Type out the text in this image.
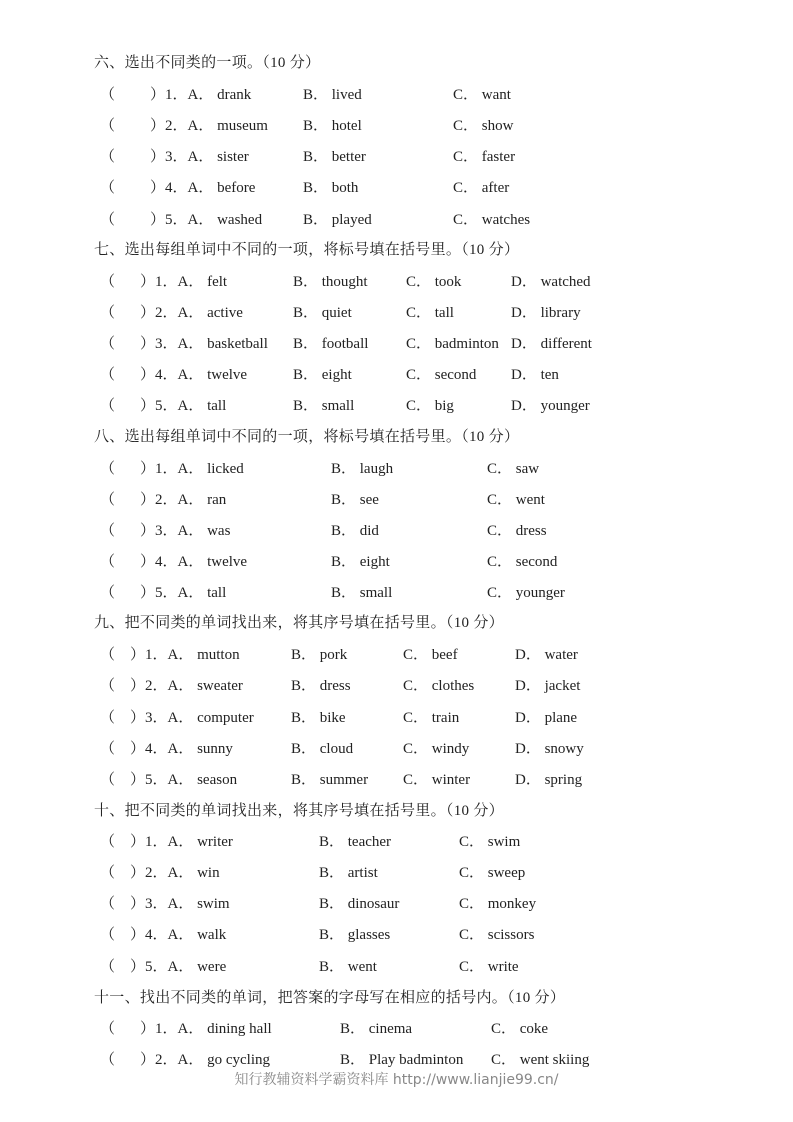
六、选出不同类的一项。（10 分）
（ ）1．A． drank	B． lived	C． want
（ ）2．A． museum B． hotel	C． show
（ ）3．A． sister	B． better	C． faster
（ ）4．A． before	B． both	C． after
（ ）5．A． washed	B． played	C． watches
七、选出每组单词中不同的一项，将标号填在括号里。（10 分）
（ ）1．A． felt	B． thought	C． took	D． watched
（ ）2．A． active	B． quiet	C． tall	D． library
（ ）3．A． basketball B． football	C． badminton D． different
（ ）4．A． twelve	B． eight	C． second D． ten
（ ）5．A． tall	B． small	C． big	D． younger
八、选出每组单词中不同的一项，将标号填在括号里。（10 分）
（ ）1．A． licked	B． laugh	C． saw
（ ）2．A． ran	B． see	C． went
（ ）3．A． was	B． did	C． dress
（ ）4．A． twelve	B． eight	C． second
（ ）5．A． tall	B． small	C． younger
九、把不同类的单词找出来，将其序号填在括号里。（10 分）
（ ）1．A． mutton	B． pork	C． beef	D． water
（ ）2．A． sweater	B． dress	C． clothes	D． jacket
（ ）3．A． computer B． bike	C． train	D． plane
（ ）4．A． sunny	B． cloud	C． windy	D． snowy
（ ）5．A． season	B． summer C． winter	D． spring
十、把不同类的单词找出来，将其序号填在括号里。（10 分）
（ ）1．A． writer	B． teacher	C． swim
（ ）2．A． win	B． artist	C． sweep
（ ）3．A． swim	B． dinosaur	C． monkey
（ ）4．A． walk	B． glasses	C． scissors
（ ）5．A． were	B． went	C． write
十一、找出不同类的单词，把答案的字母写在相应的括号内。（10 分）
（ ）1．A． dining hall	B． cinema	C． coke
（ ）2．A． go cycling	B． Play badminton C． went skiing
知行教辅资料学霸资料库 http://www.lianjie99.cn/
